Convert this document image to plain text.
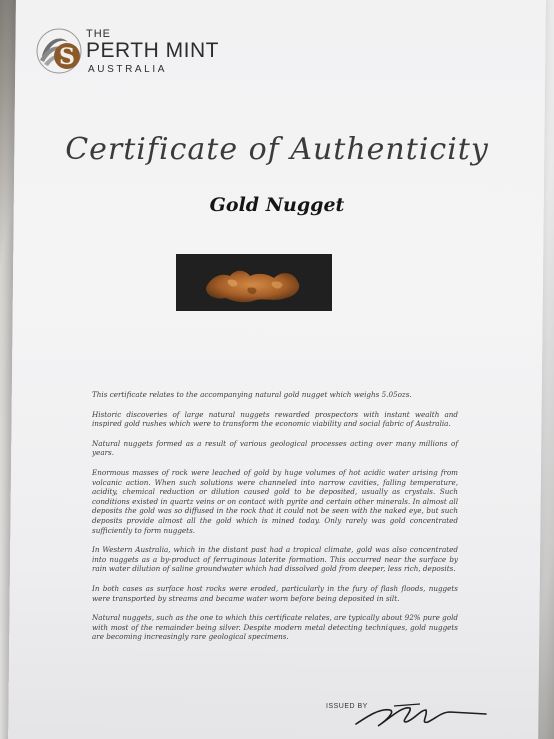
S
THE
PERTH MINT
AUSTRALIA
Certificate of Authenticity
Gold Nugget

This certificate relates to the accompanying natural gold nugget which weighs 5.05ozs.

Historic discoveries of large natural nuggets rewarded prospectors with instant wealth and inspired gold rushes which were to transform the economic viability and social fabric of Australia.

Natural nuggets formed as a result of various geological processes acting over many millions of years.

Enormous masses of rock were leached of gold by huge volumes of hot acidic water arising from volcanic action. When such solutions were channeled into narrow cavities, falling temperature, acidity, chemical reduction or dilution caused gold to be deposited, usually as crystals. Such conditions existed in quartz veins or on contact with pyrite and certain other minerals. In almost all deposits the gold was so diffused in the rock that it could not be seen with the naked eye, but such deposits provide almost all the gold which is mined today. Only rarely was gold concentrated sufficiently to form nuggets.

In Western Australia, which in the distant past had a tropical climate, gold was also concentrated into nuggets as a by-product of ferruginous laterite formation. This occurred near the surface by rain water dilution of saline groundwater which had dissolved gold from deeper, less rich, deposits.

In both cases as surface host rocks were eroded, particularly in the fury of flash floods, nuggets were transported by streams and became water worn before being deposited in silt.

Natural nuggets, such as the one to which this certificate relates, are typically about 92% pure gold with most of the remainder being silver. Despite modern metal detecting techniques, gold nuggets are becoming increasingly rare geological specimens.

ISSUED BY
